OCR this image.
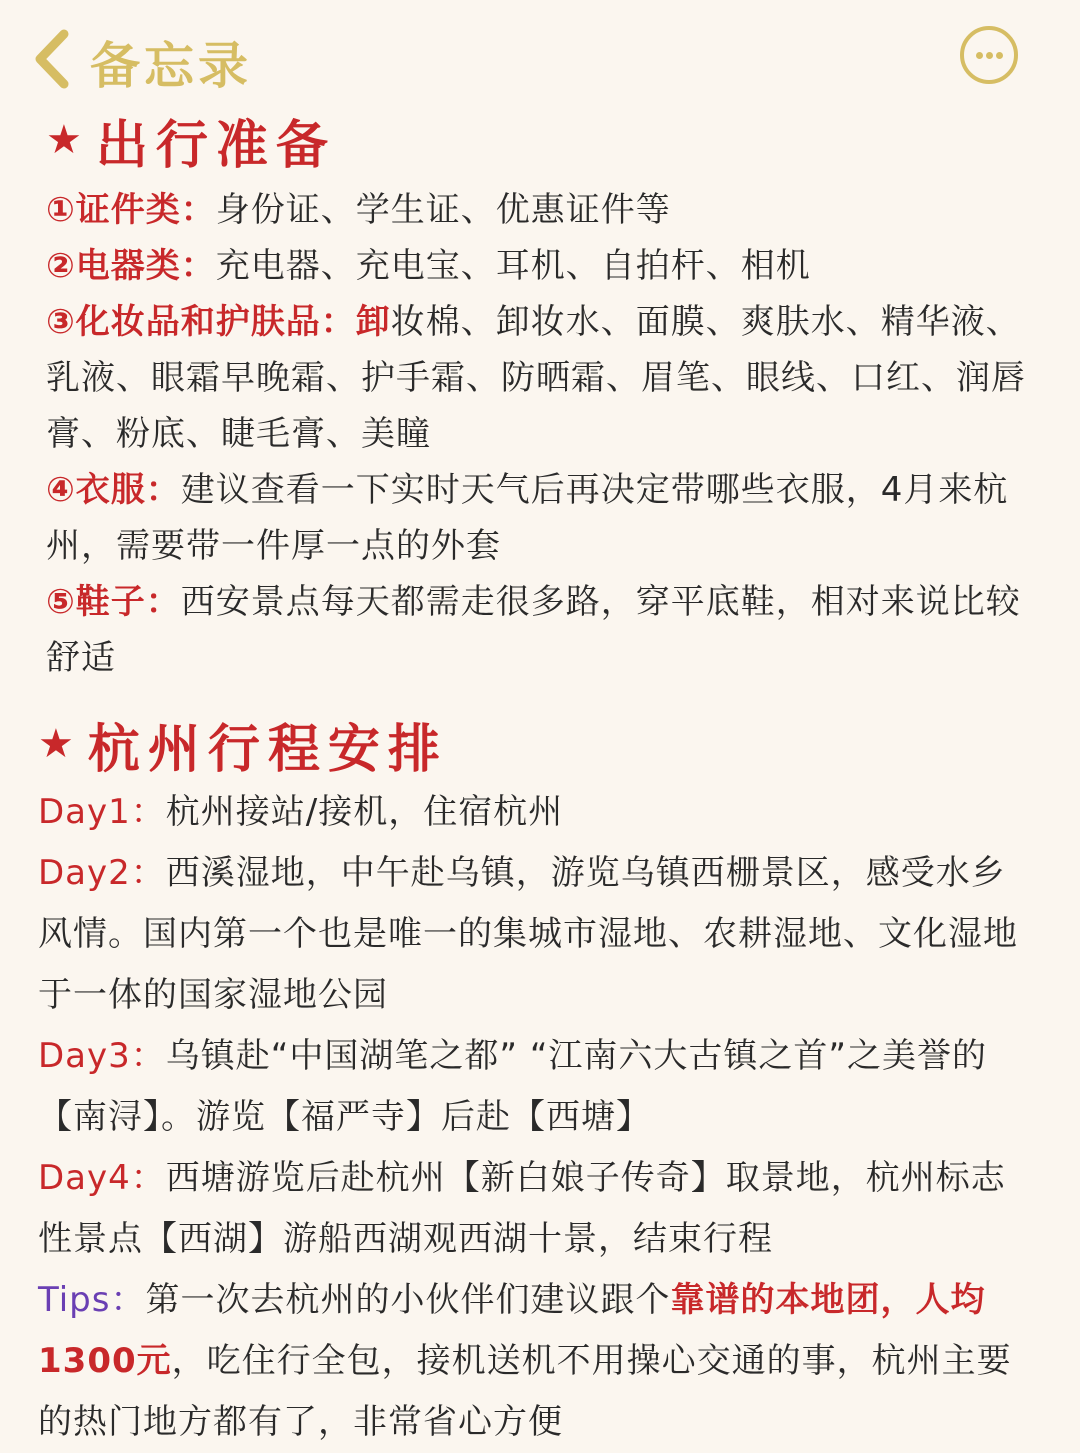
备忘录
★ 出行准备

①证件类：身份证、学生证、优惠证件等

②电器类：充电器、充电宝、耳机、自拍杆、相机

③化妆品和护肤品：卸妆棉、卸妆水、面膜、爽肤水、精华液、乳液、眼霜早晚霜、护手霜、防晒霜、眉笔、眼线、口红、润唇膏、粉底、睫毛膏、美瞳

④衣服：建议查看一下实时天气后再决定带哪些衣服，4月来杭州，需要带一件厚一点的外套

⑤鞋子：西安景点每天都需走很多路，穿平底鞋，相对来说比较舒适

★ 杭州行程安排

Day1：杭州接站/接机，住宿杭州

Day2：西溪湿地，中午赴乌镇，游览乌镇西栅景区，感受水乡风情。国内第一个也是唯一的集城市湿地、农耕湿地、文化湿地于一体的国家湿地公园

Day3：乌镇赴“中国湖笔之都” “江南六大古镇之首”之美誉的【南浔】。游览【福严寺】后赴【西塘】

Day4：西塘游览后赴杭州【新白娘子传奇】取景地，杭州标志性景点【西湖】游船西湖观西湖十景，结束行程

Tips：第一次去杭州的小伙伴们建议跟个靠谱的本地团，人均1300元，吃住行全包，接机送机不用操心交通的事，杭州主要的热门地方都有了，非常省心方便
